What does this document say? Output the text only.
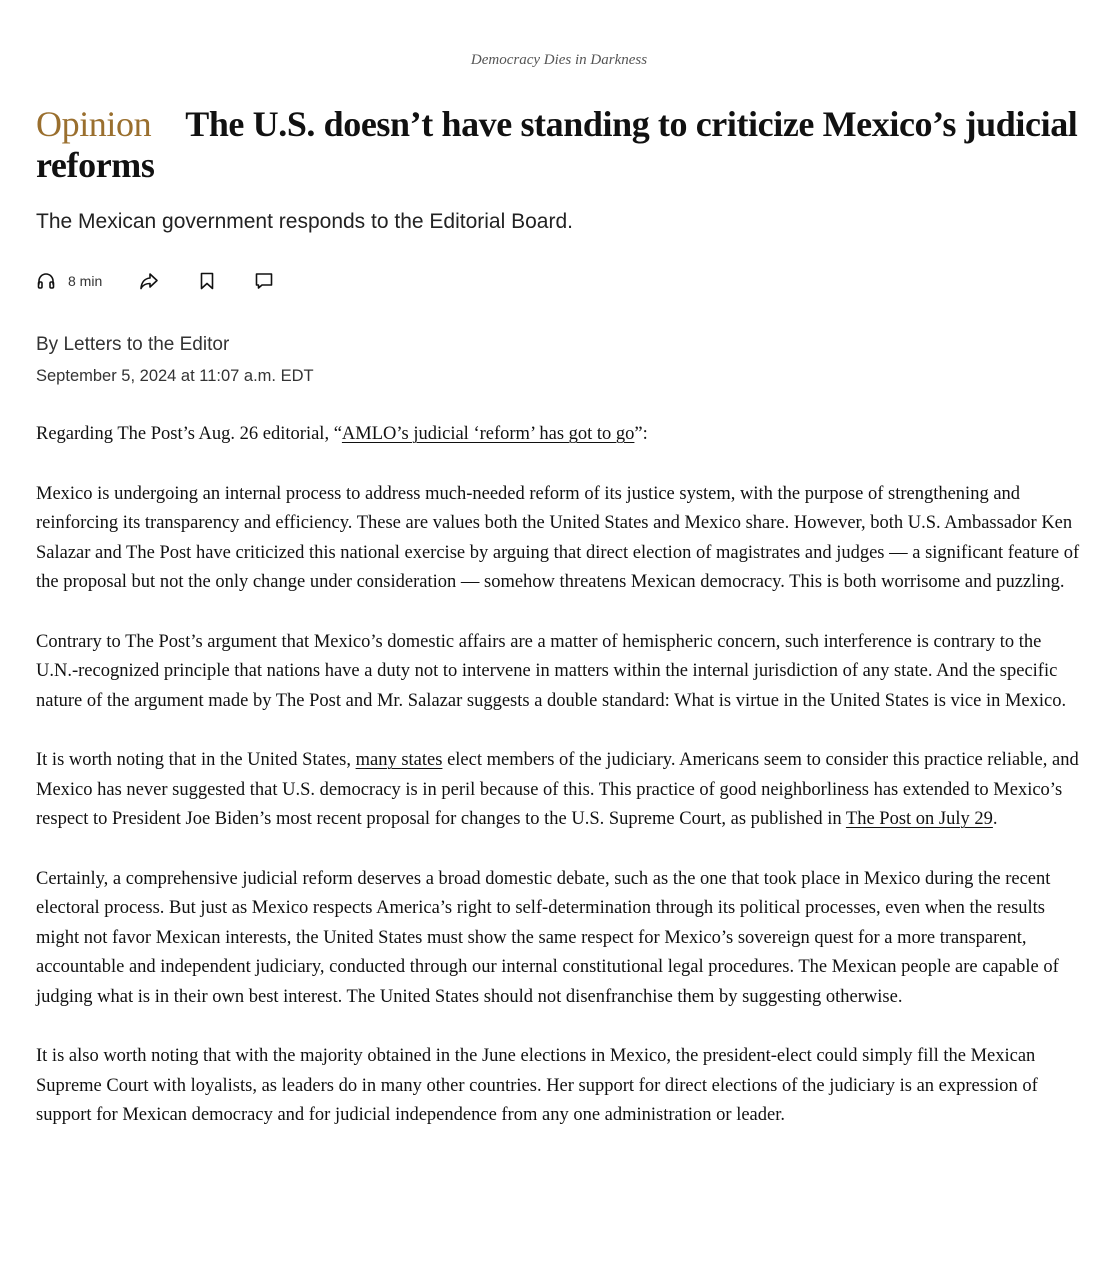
Democracy Dies in Darkness
Opinion The U.S. doesn’t have standing to criticize Mexico’s judicial reforms
The Mexican government responds to the Editorial Board.
8 min
By Letters to the Editor
September 5, 2024 at 11:07 a.m. EDT

Regarding The Post’s Aug. 26 editorial, “AMLO’s judicial ‘reform’ has got to go”:

Mexico is undergoing an internal process to address much-needed reform of its justice system, with the purpose of strengthening and reinforcing its transparency and efficiency. These are values both the United States and Mexico share. However, both U.S. Ambassador Ken Salazar and The Post have criticized this national exercise by arguing that direct election of magistrates and judges — a significant feature of the proposal but not the only change under consideration — somehow threatens Mexican democracy. This is both worrisome and puzzling.

Contrary to The Post’s argument that Mexico’s domestic affairs are a matter of hemispheric concern, such interference is contrary to the U.N.-recognized principle that nations have a duty not to intervene in matters within the internal jurisdiction of any state. And the specific nature of the argument made by The Post and Mr. Salazar suggests a double standard: What is virtue in the United States is vice in Mexico.

It is worth noting that in the United States, many states elect members of the judiciary. Americans seem to consider this practice reliable, and Mexico has never suggested that U.S. democracy is in peril because of this. This practice of good neighborliness has extended to Mexico’s respect to President Joe Biden’s most recent proposal for changes to the U.S. Supreme Court, as published in The Post on July 29.

Certainly, a comprehensive judicial reform deserves a broad domestic debate, such as the one that took place in Mexico during the recent electoral process. But just as Mexico respects America’s right to self-determination through its political processes, even when the results might not favor Mexican interests, the United States must show the same respect for Mexico’s sovereign quest for a more transparent, accountable and independent judiciary, conducted through our internal constitutional legal procedures. The Mexican people are capable of judging what is in their own best interest. The United States should not disenfranchise them by suggesting otherwise.

It is also worth noting that with the majority obtained in the June elections in Mexico, the president-elect could simply fill the Mexican Supreme Court with loyalists, as leaders do in many other countries. Her support for direct elections of the judiciary is an expression of support for Mexican democracy and for judicial independence from any one administration or leader.
